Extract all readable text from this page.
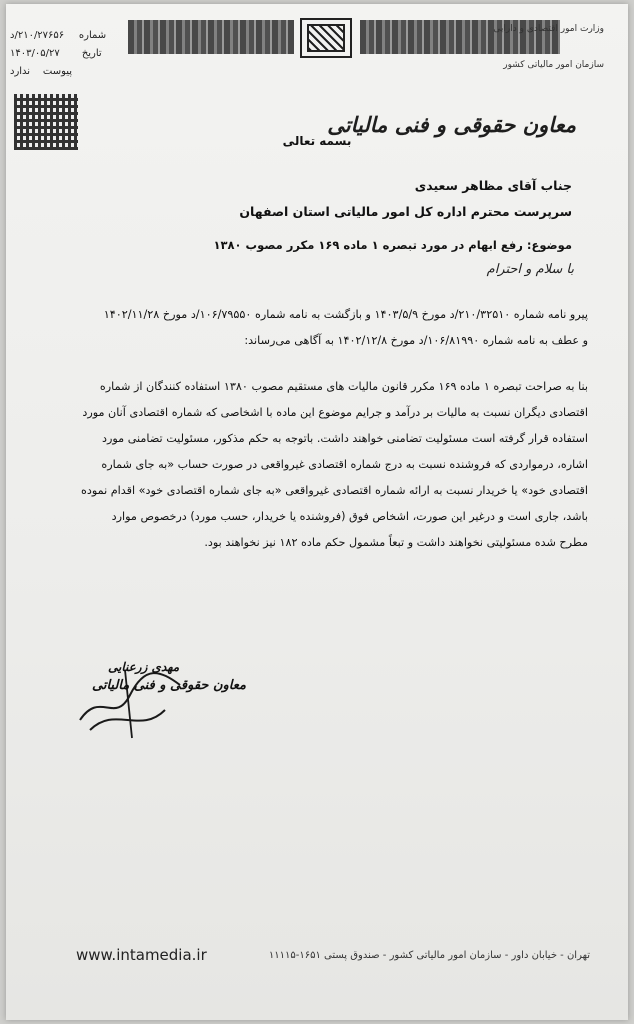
وزارت امور اقتصادی و دارایی
سازمان امور مالیاتی کشور
شماره۲۱۰/۲۷۶۵۶/د
تاریخ۱۴۰۳/۰۵/۲۷
پیوستندارد
معاون حقوقی و فنی مالیاتی
بسمه تعالی
جناب آقای مظاهر سعیدی
سرپرست محترم اداره کل امور مالیاتی استان اصفهان
موضوع: رفع ابهام در مورد تبصره ۱ ماده ۱۶۹ مکرر مصوب ۱۳۸۰
با سلام و احترام
پیرو نامه شماره ۲۱۰/۳۲۵۱۰/د مورخ ۱۴۰۳/۵/۹ و بازگشت به نامه شماره ۱۰۶/۷۹۵۵۰/د مورخ ۱۴۰۲/۱۱/۲۸
و عطف به نامه شماره ۱۰۶/۸۱۹۹۰/د مورخ ۱۴۰۲/۱۲/۸ به آگاهی می‌رساند:
بنا به صراحت تبصره ۱ ماده ۱۶۹ مکرر قانون مالیات های مستقیم مصوب ۱۳۸۰ استفاده کنندگان از شماره
اقتصادی دیگران نسبت به مالیات بر درآمد و جرایم موضوع این ماده با اشخاصی که شماره اقتصادی آنان مورد
استفاده قرار گرفته است مسئولیت تضامنی خواهند داشت. باتوجه به حکم مذکور، مسئولیت تضامنی مورد
اشاره، درمواردی که فروشنده نسبت به درج شماره اقتصادی غیرواقعی در صورت حساب «به جای شماره
اقتصادی خود» یا خریدار نسبت به ارائه شماره اقتصادی غیرواقعی «به جای شماره اقتصادی خود» اقدام نموده
باشد، جاری است و درغیر این صورت، اشخاص فوق (فروشنده یا خریدار، حسب مورد) درخصوص موارد
مطرح شده مسئولیتی نخواهند داشت و تبعاً مشمول حکم ماده ۱۸۲ نیز نخواهند بود.
مهدی زرعنایی
معاون حقوقی و فنی مالیاتی
www.intamedia.ir	تهران - خیابان داور - سازمان امور مالیاتی کشور - صندوق پستی ۱۶۵۱-۱۱۱۱۵
